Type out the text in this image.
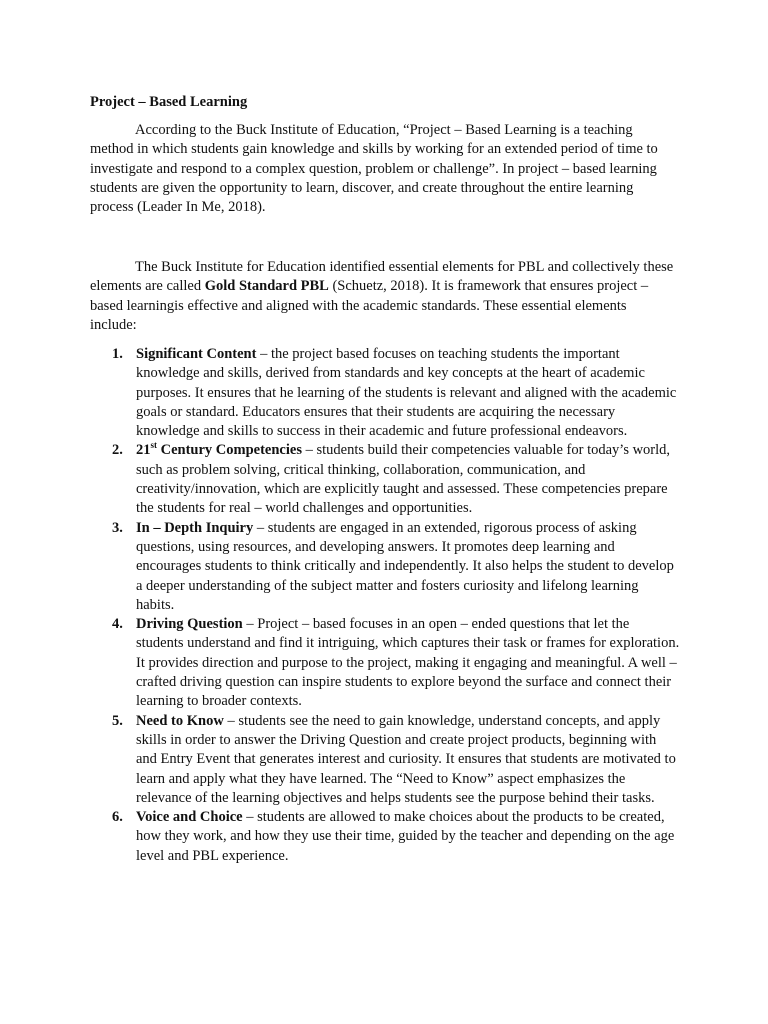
Project – Based Learning

According to the Buck Institute of Education, “Project – Based Learning is a teaching method in which students gain knowledge and skills by working for an extended period of time to investigate and respond to a complex question, problem or challenge”. In project – based learning students are given the opportunity to learn, discover, and create throughout the entire learning process (Leader In Me, 2018).

The Buck Institute for Education identified essential elements for PBL and collectively these elements are called Gold Standard PBL (Schuetz, 2018). It is framework that ensures project – based learningis effective and aligned with the academic standards. These essential elements include:

1. Significant Content – the project based focuses on teaching students the important knowledge and skills, derived from standards and key concepts at the heart of academic purposes. It ensures that he learning of the students is relevant and aligned with the academic goals or standard. Educators ensures that their students are acquiring the necessary knowledge and skills to success in their academic and future professional endeavors.
2. 21st Century Competencies – students build their competencies valuable for today’s world, such as problem solving, critical thinking, collaboration, communication, and creativity/innovation, which are explicitly taught and assessed. These competencies prepare the students for real – world challenges and opportunities.
3. In – Depth Inquiry – students are engaged in an extended, rigorous process of asking questions, using resources, and developing answers. It promotes deep learning and encourages students to think critically and independently. It also helps the student to develop a deeper understanding of the subject matter and fosters curiosity and lifelong learning habits.
4. Driving Question – Project – based focuses in an open – ended questions that let the students understand and find it intriguing, which captures their task or frames for exploration. It provides direction and purpose to the project, making it engaging and meaningful. A well – crafted driving question can inspire students to explore beyond the surface and connect their learning to broader contexts.
5. Need to Know – students see the need to gain knowledge, understand concepts, and apply skills in order to answer the Driving Question and create project products, beginning with and Entry Event that generates interest and curiosity. It ensures that students are motivated to learn and apply what they have learned. The “Need to Know” aspect emphasizes the relevance of the learning objectives and helps students see the purpose behind their tasks.
6. Voice and Choice – students are allowed to make choices about the products to be created, how they work, and how they use their time, guided by the teacher and depending on the age level and PBL experience.
